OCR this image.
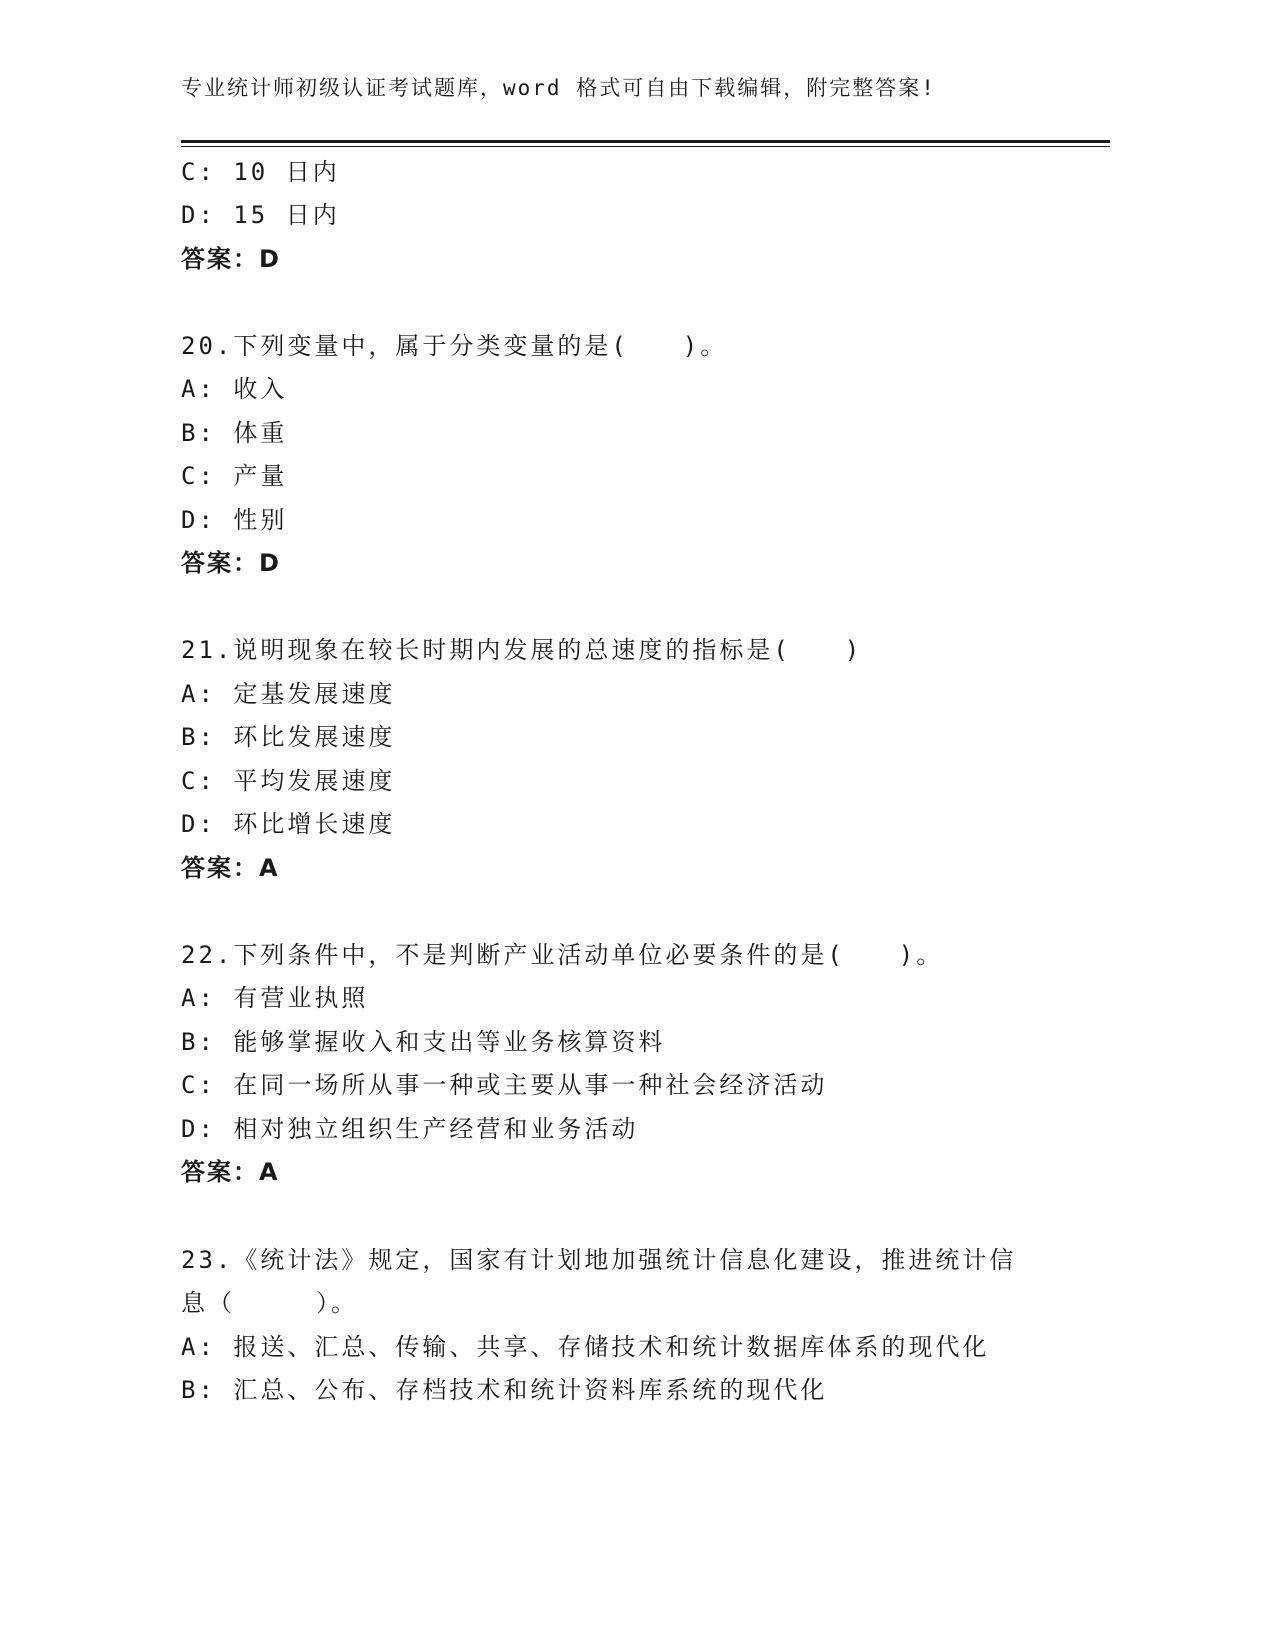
专业统计师初级认证考试题库，word 格式可自由下载编辑，附完整答案!
C: 10 日内
D: 15 日内
答案：D
20.下列变量中，属于分类变量的是(　　)。
A: 收入
B: 体重
C: 产量
D: 性别
答案：D
21.说明现象在较长时期内发展的总速度的指标是(　　)
A: 定基发展速度
B: 环比发展速度
C: 平均发展速度
D: 环比增长速度
答案：A
22.下列条件中，不是判断产业活动单位必要条件的是(　　)。
A: 有营业执照
B: 能够掌握收入和支出等业务核算资料
C: 在同一场所从事一种或主要从事一种社会经济活动
D: 相对独立组织生产经营和业务活动
答案：A
23.《统计法》规定，国家有计划地加强统计信息化建设，推进统计信
息（　　　）。
A: 报送、汇总、传输、共享、存储技术和统计数据库体系的现代化
B: 汇总、公布、存档技术和统计资料库系统的现代化
